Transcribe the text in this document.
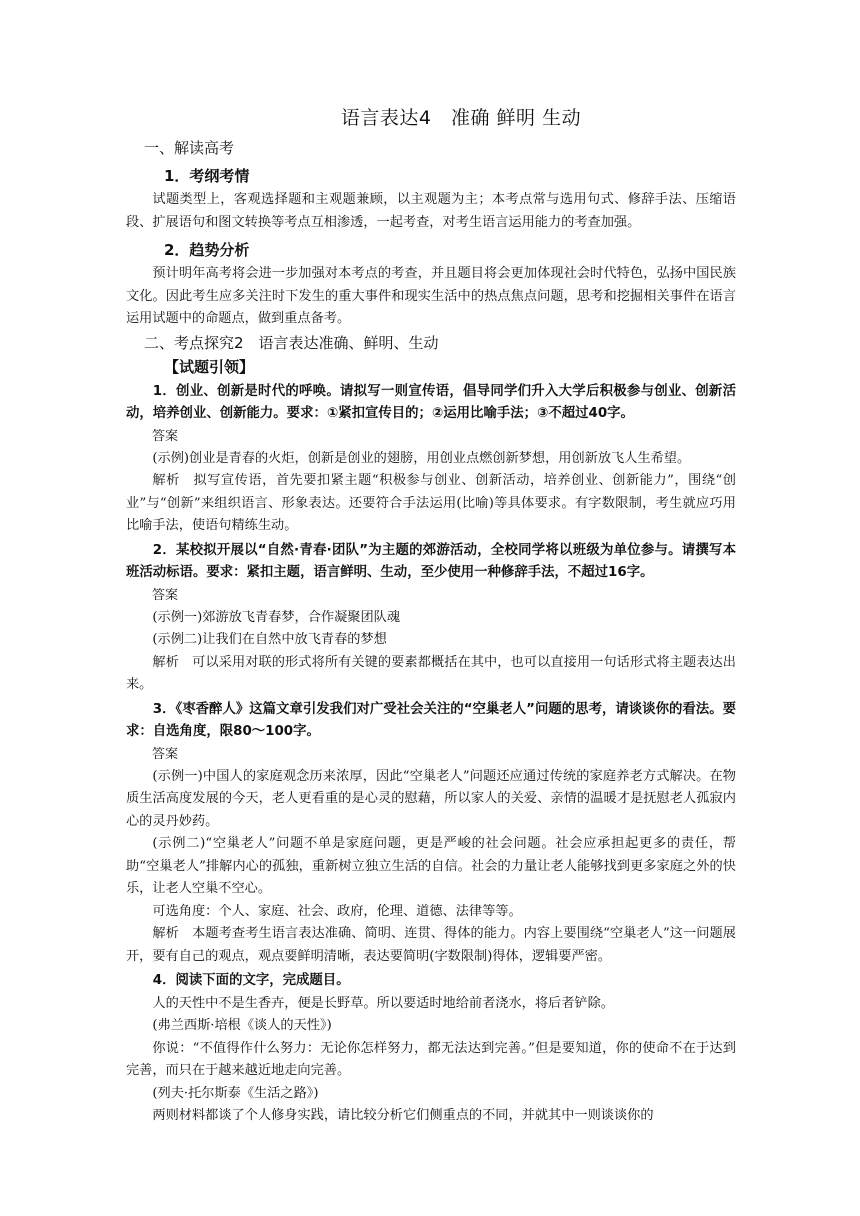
语言表达4　准确 鲜明 生动
一、解读高考
1．考纲考情

试题类型上，客观选择题和主观题兼顾，以主观题为主；本考点常与选用句式、修辞手法、压缩语段、扩展语句和图文转换等考点互相渗透，一起考查，对考生语言运用能力的考查加强。

2．趋势分析

预计明年高考将会进一步加强对本考点的考查，并且题目将会更加体现社会时代特色，弘扬中国民族文化。因此考生应多关注时下发生的重大事件和现实生活中的热点焦点问题，思考和挖掘相关事件在语言运用试题中的命题点，做到重点备考。

二、考点探究2　语言表达准确、鲜明、生动
【试题引领】

1．创业、创新是时代的呼唤。请拟写一则宣传语，倡导同学们升入大学后积极参与创业、创新活动，培养创业、创新能力。要求：①紧扣宣传目的；②运用比喻手法；③不超过40字。

答案

(示例)创业是青春的火炬，创新是创业的翅膀，用创业点燃创新梦想，用创新放飞人生希望。

解析　拟写宣传语，首先要扣紧主题“积极参与创业、创新活动，培养创业、创新能力”，围绕“创业”与“创新”来组织语言、形象表达。还要符合手法运用(比喻)等具体要求。有字数限制，考生就应巧用比喻手法，使语句精练生动。

2．某校拟开展以“自然·青春·团队”为主题的郊游活动，全校同学将以班级为单位参与。请撰写本班活动标语。要求：紧扣主题，语言鲜明、生动，至少使用一种修辞手法，不超过16字。

答案

(示例一)郊游放飞青春梦，合作凝聚团队魂

(示例二)让我们在自然中放飞青春的梦想

解析　可以采用对联的形式将所有关键的要素都概括在其中，也可以直接用一句话形式将主题表达出来。

3．《枣香醉人》这篇文章引发我们对广受社会关注的“空巢老人”问题的思考，请谈谈你的看法。要求：自选角度，限80～100字。

答案

(示例一)中国人的家庭观念历来浓厚，因此“空巢老人”问题还应通过传统的家庭养老方式解决。在物质生活高度发展的今天，老人更看重的是心灵的慰藉，所以家人的关爱、亲情的温暖才是抚慰老人孤寂内心的灵丹妙药。

(示例二)“空巢老人”问题不单是家庭问题，更是严峻的社会问题。社会应承担起更多的责任，帮助“空巢老人”排解内心的孤独，重新树立独立生活的自信。社会的力量让老人能够找到更多家庭之外的快乐，让老人空巢不空心。

可选角度：个人、家庭、社会、政府，伦理、道德、法律等等。

解析　本题考查考生语言表达准确、简明、连贯、得体的能力。内容上要围绕“空巢老人”这一问题展开，要有自己的观点，观点要鲜明清晰，表达要简明(字数限制)得体，逻辑要严密。

4．阅读下面的文字，完成题目。

人的天性中不是生香卉，便是长野草。所以要适时地给前者浇水，将后者铲除。

(弗兰西斯·培根《谈人的天性》)

你说：“不值得作什么努力：无论你怎样努力，都无法达到完善。”但是要知道，你的使命不在于达到完善，而只在于越来越近地走向完善。

(列夫·托尔斯泰《生活之路》)

两则材料都谈了个人修身实践，请比较分析它们侧重点的不同，并就其中一则谈谈你的
